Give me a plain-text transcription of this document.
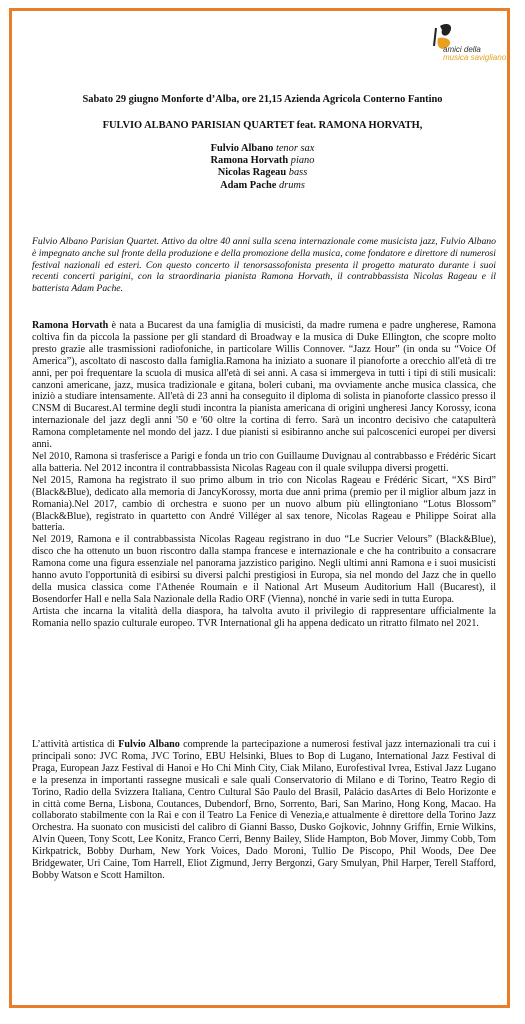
amici della
musica savigliano
Sabato 29 giugno Monforte d’Alba, ore 21,15 Azienda Agricola Conterno Fantino
FULVIO ALBANO PARISIAN QUARTET feat. RAMONA HORVATH,
Fulvio Albano tenor sax
Ramona Horvath piano
Nicolas Rageau bass
Adam Pache drums
Fulvio Albano Parisian Quartet. Attivo da oltre 40 anni sulla scena internazionale come musicista jazz, Fulvio Albano è impegnato anche sul fronte della produzione e della promozione della musica, come fondatore e direttore di numerosi festival nazionali ed esteri. Con questo concerto il tenorsassofonista presenta il progetto maturato durante i suoi recenti concerti parigini, con la straordinaria pianista Ramona Horvath, il contrabbassista Nicolas Rageau e il batterista Adam Pache.

Ramona Horvath è nata a Bucarest da una famiglia di musicisti, da madre rumena e padre ungherese, Ramona coltiva fin da piccola la passione per gli standard di Broadway e la musica di Duke Ellington, che scopre molto presto grazie alle trasmissioni radiofoniche, in particolare Willis Connover. “Jazz Hour” (in onda su “Voice Of America”), ascoltato di nascosto dalla famiglia.Ramona ha iniziato a suonare il pianoforte a orecchio all'età di tre anni, per poi frequentare la scuola di musica all'età di sei anni. A casa si immergeva in tutti i tipi di stili musicali: canzoni americane, jazz, musica tradizionale e gitana, boleri cubani, ma ovviamente anche musica classica, che iniziò a studiare intensamente. All'età di 23 anni ha conseguito il diploma di solista in pianoforte classico presso il CNSM di Bucarest.Al termine degli studi incontra la pianista americana di origini ungheresi Jancy Korossy, icona internazionale del jazz degli anni '50 e '60 oltre la cortina di ferro. Sarà un incontro decisivo che catapulterà Ramona completamente nel mondo del jazz. I due pianisti si esibiranno anche sui palcoscenici europei per diversi anni.

Nel 2010, Ramona si trasferisce a Parigi e fonda un trio con Guillaume Duvignau al contrabbasso e Frédéric Sicart alla batteria. Nel 2012 incontra il contrabbassista Nicolas Rageau con il quale sviluppa diversi progetti.

Nel 2015, Ramona ha registrato il suo primo album in trio con Nicolas Rageau e Frédéric Sicart, “XS Bird” (Black&Blue), dedicato alla memoria di JancyKorossy, morta due anni prima (premio per il miglior album jazz in Romania).Nel 2017, cambio di orchestra e suono per un nuovo album più ellingtoniano “Lotus Blossom” (Black&Blue), registrato in quartetto con André Villéger al sax tenore, Nicolas Rageau e Philippe Soirat alla batteria.

Nel 2019, Ramona e il contrabbassista Nicolas Rageau registrano in duo “Le Sucrier Velours” (Black&Blue), disco che ha ottenuto un buon riscontro dalla stampa francese e internazionale e che ha contribuito a consacrare Ramona come una figura essenziale nel panorama jazzistico parigino. Negli ultimi anni Ramona e i suoi musicisti hanno avuto l'opportunità di esibirsi su diversi palchi prestigiosi in Europa, sia nel mondo del Jazz che in quello della musica classica come l'Athenée Roumain e il National Art Museum Auditorium Hall (Bucarest), il Bosendorfer Hall e nella Sala Nazionale della Radio ORF (Vienna), nonché in varie sedi in tutta Europa.

Artista che incarna la vitalità della diaspora, ha talvolta avuto il privilegio di rappresentare ufficialmente la Romania nello spazio culturale europeo. TVR International gli ha appena dedicato un ritratto filmato nel 2021.

L’attività artistica di Fulvio Albano comprende la partecipazione a numerosi festival jazz internazionali tra cui i principali sono: JVC Roma, JVC Torino, EBU Helsinki, Blues to Bop di Lugano, International Jazz Festival di Praga, European Jazz Festival di Hanoi e Ho Chi Minh City, Ciak Milano, Eurofestival Ivrea, Estival Jazz Lugano e la presenza in importanti rassegne musicali e sale quali Conservatorio di Milano e di Torino, Teatro Regio di Torino, Radio della Svizzera Italiana, Centro Cultural São Paulo del Brasil, Palácio dasArtes di Belo Horizonte e in città come Berna, Lisbona, Coutances, Dubendorf, Brno, Sorrento, Bari, San Marino, Hong Kong, Macao. Ha collaborato stabilmente con la Rai e con il Teatro La Fenice di Venezia,e attualmente è direttore della Torino Jazz Orchestra. Ha suonato con musicisti del calibro di Gianni Basso, Dusko Gojkovic, Johnny Griffin, Ernie Wilkins, Alvin Queen, Tony Scott, Lee Konitz, Franco Cerri, Benny Bailey, Slide Hampton, Bob Mover, Jimmy Cobb, Tom Kirkpatrick, Bobby Durham, New York Voices, Dado Moroni, Tullio De Piscopo, Phil Woods, Dee Dee Bridgewater, Uri Caine, Tom Harrell, Eliot Zigmund, Jerry Bergonzi, Gary Smulyan, Phil Harper, Terell Stafford, Bobby Watson e Scott Hamilton.
